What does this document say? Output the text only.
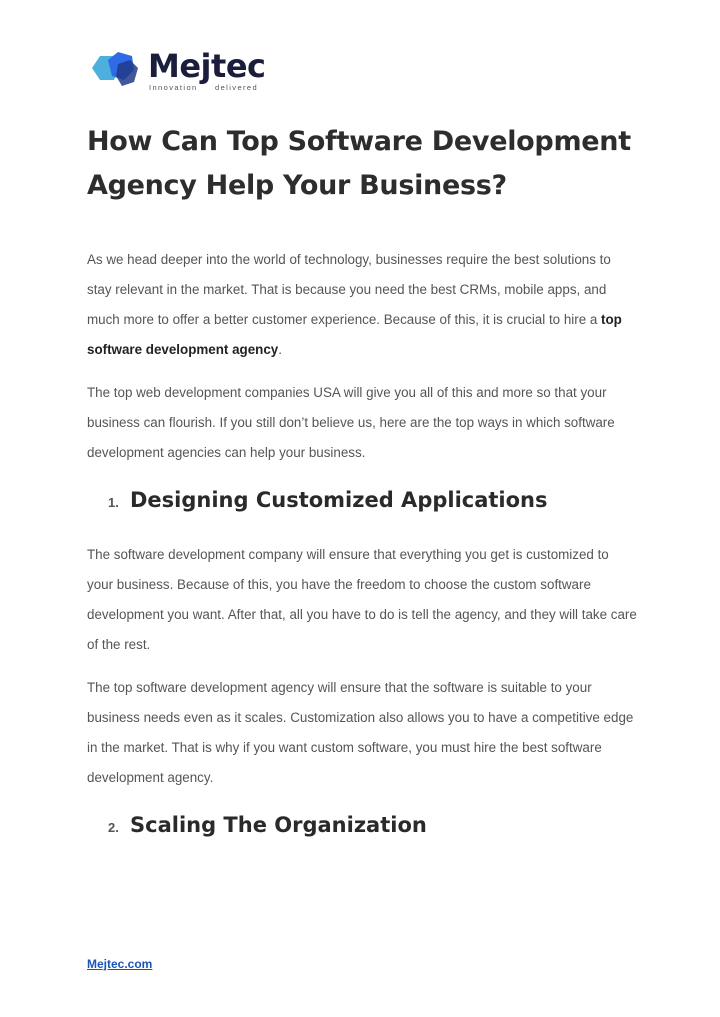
Mejtec
Innovation     delivered
How Can Top Software Development Agency Help Your Business?

As we head deeper into the world of technology, businesses require the best solutions to stay relevant in the market. That is because you need the best CRMs, mobile apps, and much more to offer a better customer experience. Because of this, it is crucial to hire a top software development agency.

The top web development companies USA will give you all of this and more so that your business can flourish. If you still don’t believe us, here are the top ways in which software development agencies can help your business.

1. Designing Customized Applications

The software development company will ensure that everything you get is customized to your business. Because of this, you have the freedom to choose the custom software development you want. After that, all you have to do is tell the agency, and they will take care of the rest.

The top software development agency will ensure that the software is suitable to your business needs even as it scales. Customization also allows you to have a competitive edge in the market. That is why if you want custom software, you must hire the best software development agency.

2. Scaling The Organization
Mejtec.com
